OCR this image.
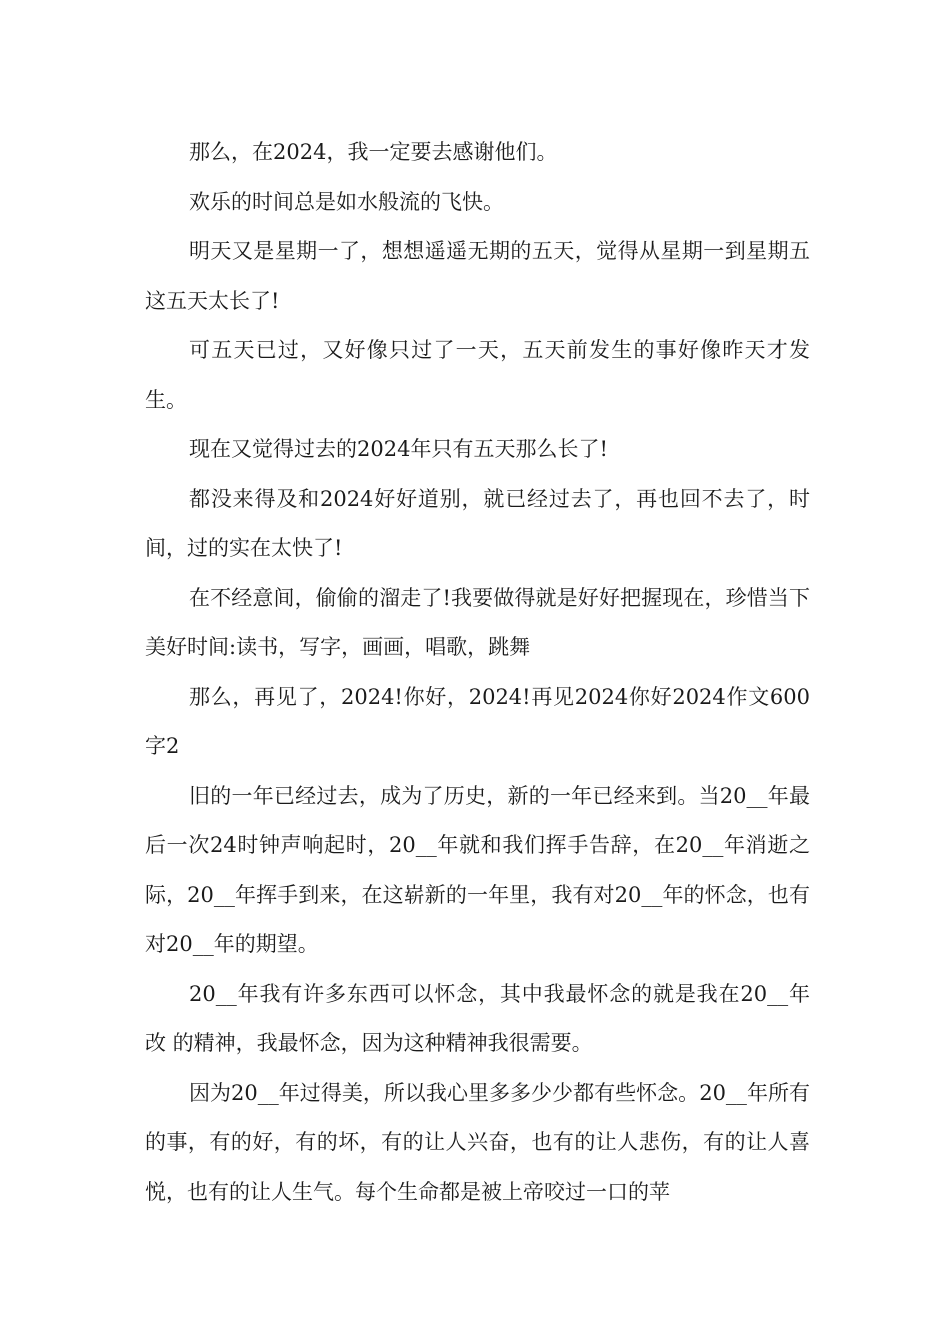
那么，在2024，我一定要去感谢他们。

欢乐的时间总是如水般流的飞快。

明天又是星期一了，想想遥遥无期的五天，觉得从星期一到星期五这五天太长了!

可五天已过，又好像只过了一天，五天前发生的事好像昨天才发生。

现在又觉得过去的2024年只有五天那么长了!

都没来得及和2024好好道别，就已经过去了，再也回不去了，时间，过的实在太快了!

在不经意间，偷偷的溜走了!我要做得就是好好把握现在，珍惜当下美好时间:读书，写字，画画，唱歌，跳舞

那么，再见了，2024!你好，2024!再见2024你好2024作文600字2

旧的一年已经过去，成为了历史，新的一年已经来到。当20__年最后一次24时钟声响起时，20__年就和我们挥手告辞，在20__年消逝之际，20__年挥手到来，在这崭新的一年里，我有对20__年的怀念，也有对20__年的期望。

20__年我有许多东西可以怀念，其中我最怀念的就是我在20__年 改 的精神，我最怀念，因为这种精神我很需要。

因为20__年过得美，所以我心里多多少少都有些怀念。20__年所有的事，有的好，有的坏，有的让人兴奋，也有的让人悲伤，有的让人喜悦，也有的让人生气。每个生命都是被上帝咬过一口的苹
